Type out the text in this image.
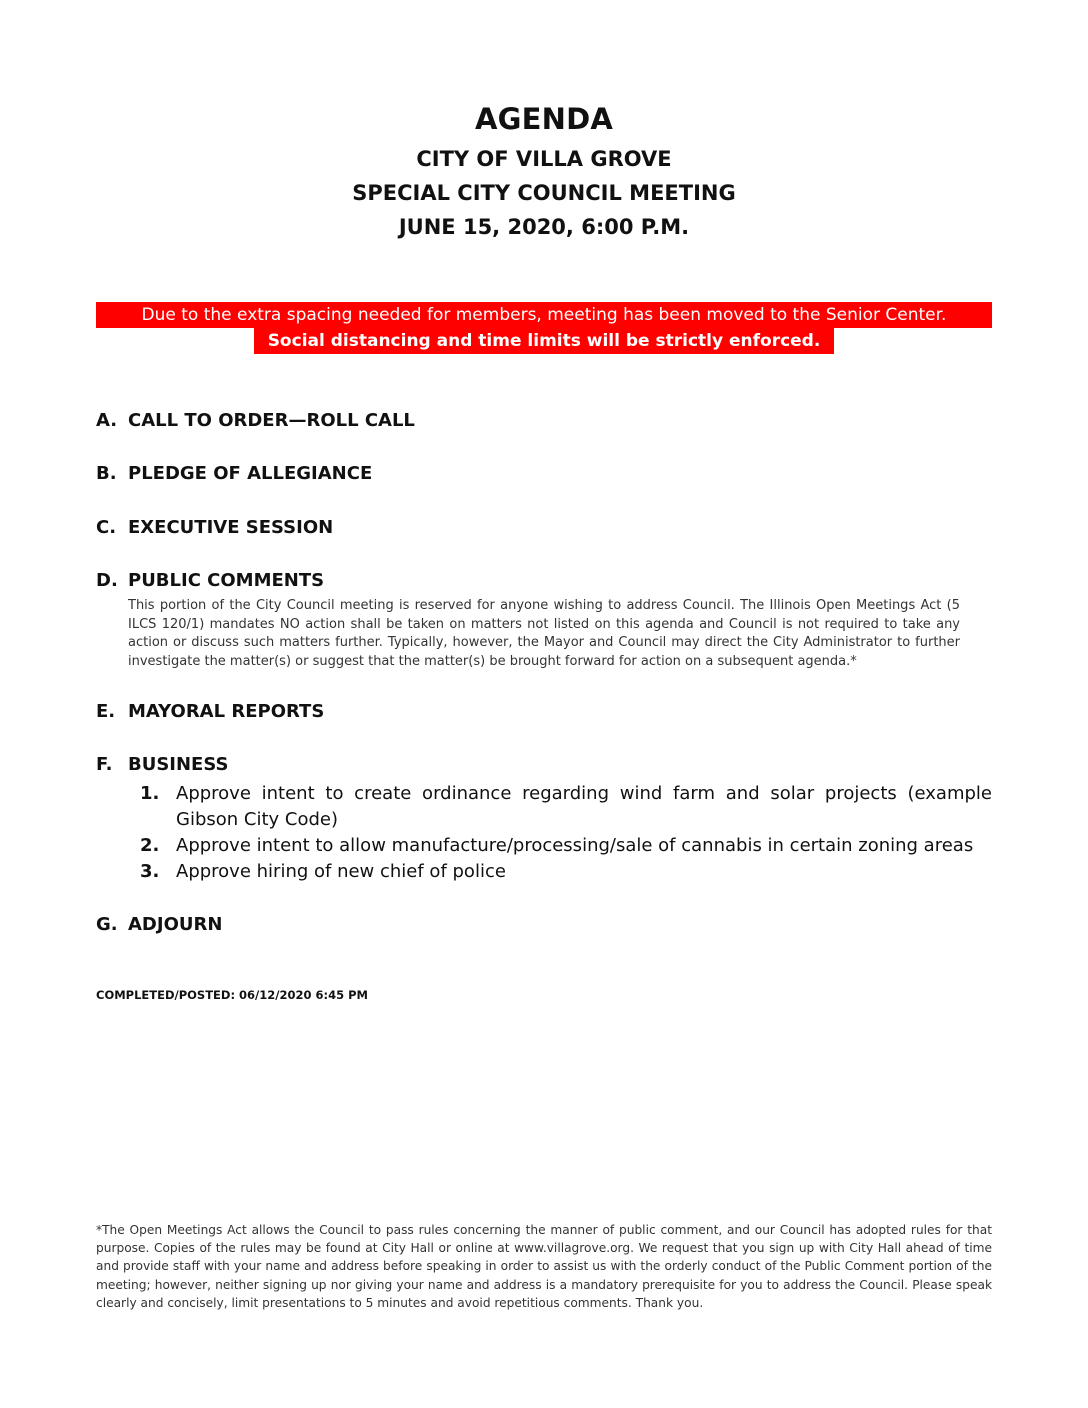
AGENDA
CITY OF VILLA GROVE
SPECIAL CITY COUNCIL MEETING
JUNE 15, 2020, 6:00 P.M.
Due to the extra spacing needed for members, meeting has been moved to the Senior Center.
Social distancing and time limits will be strictly enforced.
A. CALL TO ORDER—ROLL CALL
B. PLEDGE OF ALLEGIANCE
C. EXECUTIVE SESSION
D. PUBLIC COMMENTS
This portion of the City Council meeting is reserved for anyone wishing to address Council. The Illinois Open Meetings Act (5 ILCS 120/1) mandates NO action shall be taken on matters not listed on this agenda and Council is not required to take any action or discuss such matters further. Typically, however, the Mayor and Council may direct the City Administrator to further investigate the matter(s) or suggest that the matter(s) be brought forward for action on a subsequent agenda.*
E. MAYORAL REPORTS
F. BUSINESS
1. Approve intent to create ordinance regarding wind farm and solar projects (example Gibson City Code)
2. Approve intent to allow manufacture/processing/sale of cannabis in certain zoning areas
3. Approve hiring of new chief of police
G. ADJOURN
COMPLETED/POSTED: 06/12/2020 6:45 PM
*The Open Meetings Act allows the Council to pass rules concerning the manner of public comment, and our Council has adopted rules for that purpose. Copies of the rules may be found at City Hall or online at www.villagrove.org. We request that you sign up with City Hall ahead of time and provide staff with your name and address before speaking in order to assist us with the orderly conduct of the Public Comment portion of the meeting; however, neither signing up nor giving your name and address is a mandatory prerequisite for you to address the Council. Please speak clearly and concisely, limit presentations to 5 minutes and avoid repetitious comments. Thank you.
